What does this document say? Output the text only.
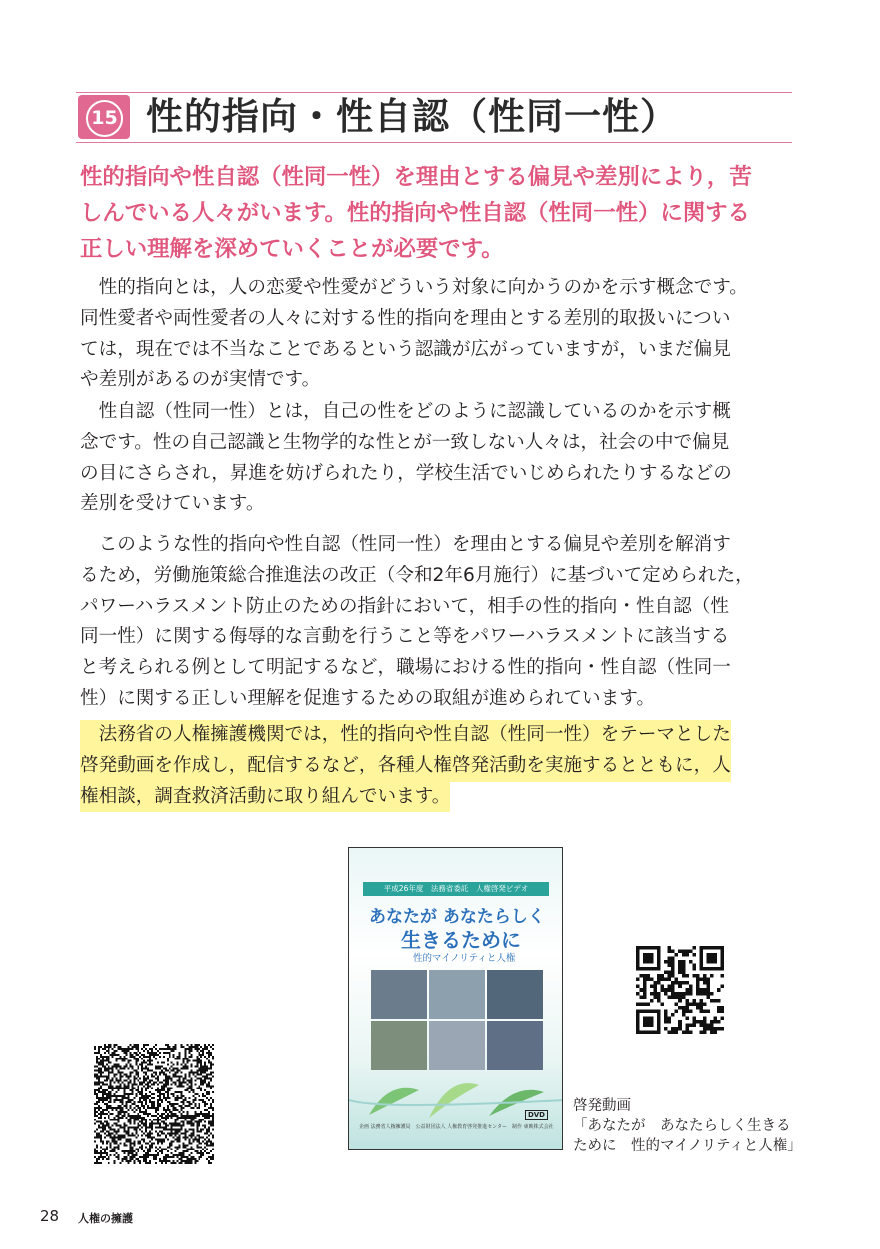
15 性的指向・性自認（性同一性）
性的指向や性自認（性同一性）を理由とする偏見や差別により，苦
しんでいる人々がいます。性的指向や性自認（性同一性）に関する
正しい理解を深めていくことが必要です。
　性的指向とは，人の恋愛や性愛がどういう対象に向かうのかを示す概念です。
同性愛者や両性愛者の人々に対する性的指向を理由とする差別的取扱いについ
ては，現在では不当なことであるという認識が広がっていますが，いまだ偏見
や差別があるのが実情です。
　性自認（性同一性）とは，自己の性をどのように認識しているのかを示す概
念です。性の自己認識と生物学的な性とが一致しない人々は，社会の中で偏見
の目にさらされ，昇進を妨げられたり，学校生活でいじめられたりするなどの
差別を受けています。
　このような性的指向や性自認（性同一性）を理由とする偏見や差別を解消す
るため，労働施策総合推進法の改正（令和2年6月施行）に基づいて定められた，
パワーハラスメント防止のための指針において，相手の性的指向・性自認（性
同一性）に関する侮辱的な言動を行うこと等をパワーハラスメントに該当する
と考えられる例として明記するなど，職場における性的指向・性自認（性同一
性）に関する正しい理解を促進するための取組が進められています。
　法務省の人権擁護機関では，性的指向や性自認（性同一性）をテーマとした 啓発動画を作成し，配信するなど，各種人権啓発活動を実施するとともに，人 権相談，調査救済活動に取り組んでいます。
平成26年度　法務省委託　人権啓発ビデオ
あなたが あなたらしく
生きるために
性的マイノリティと人権
DVD
企画 法務省人権擁護局　公益財団法人 人権教育啓発推進センター　制作 東映株式会社
啓発動画
「あなたが　あなたらしく生きる
ために　性的マイノリティと人権」
28 人権の擁護
